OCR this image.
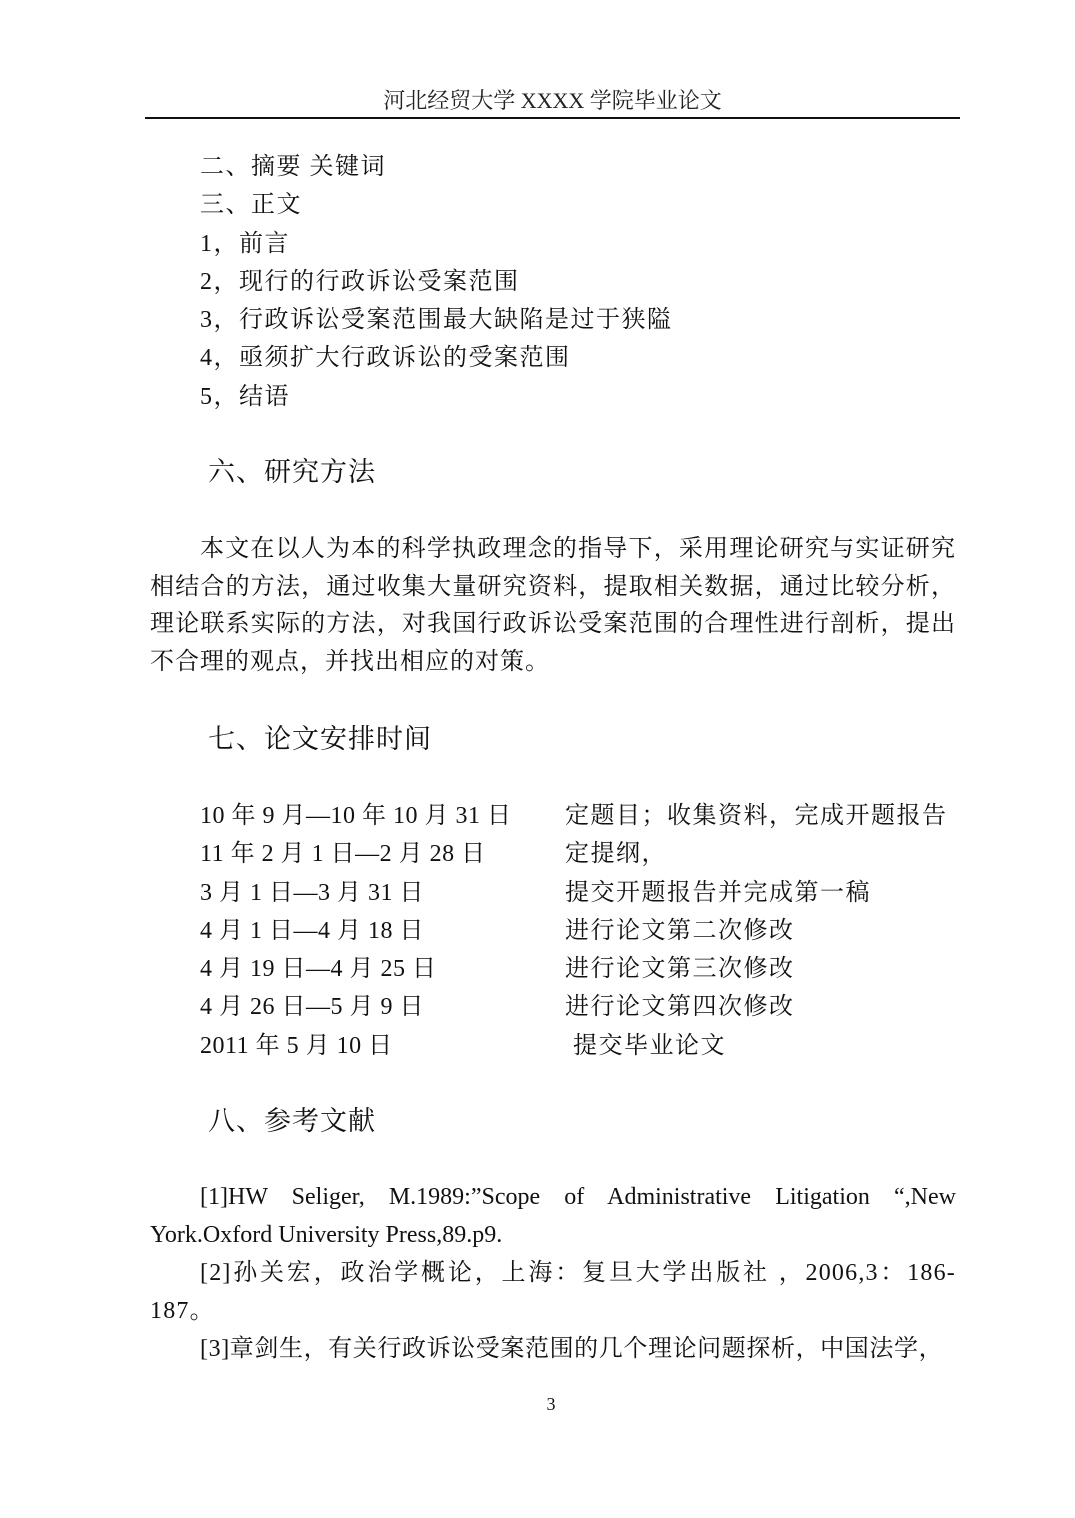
河北经贸大学 XXXX 学院毕业论文
二、摘要 关键词
三、正文
1，前言
2，现行的行政诉讼受案范围
3，行政诉讼受案范围最大缺陷是过于狭隘
4，亟须扩大行政诉讼的受案范围
5，结语
六、研究方法
本文在以人为本的科学执政理念的指导下，采用理论研究与实证研究相结合的方法，通过收集大量研究资料，提取相关数据，通过比较分析，理论联系实际的方法，对我国行政诉讼受案范围的合理性进行剖析，提出不合理的观点，并找出相应的对策。
七、论文安排时间
10 年 9 月—10 年 10 月 31 日 定题目；收集资料，完成开题报告
11 年 2 月 1 日—2 月 28 日	定提纲，
3 月 1 日—3 月 31 日	提交开题报告并完成第一稿
4 月 1 日—4 月 18 日	进行论文第二次修改
4 月 19 日—4 月 25 日	进行论文第三次修改
4 月 26 日—5 月 9 日	进行论文第四次修改
2011 年 5 月 10 日	提交毕业论文
八、参考文献
[1]HW Seliger, M.1989:”Scope of Administrative Litigation “,New York.Oxford University Press,89.p9.
[2]孙关宏，政治学概论，上海：复旦大学出版社 ，2006,3：186-187。
[3]章剑生，有关行政诉讼受案范围的几个理论问题探析，中国法学，
3
